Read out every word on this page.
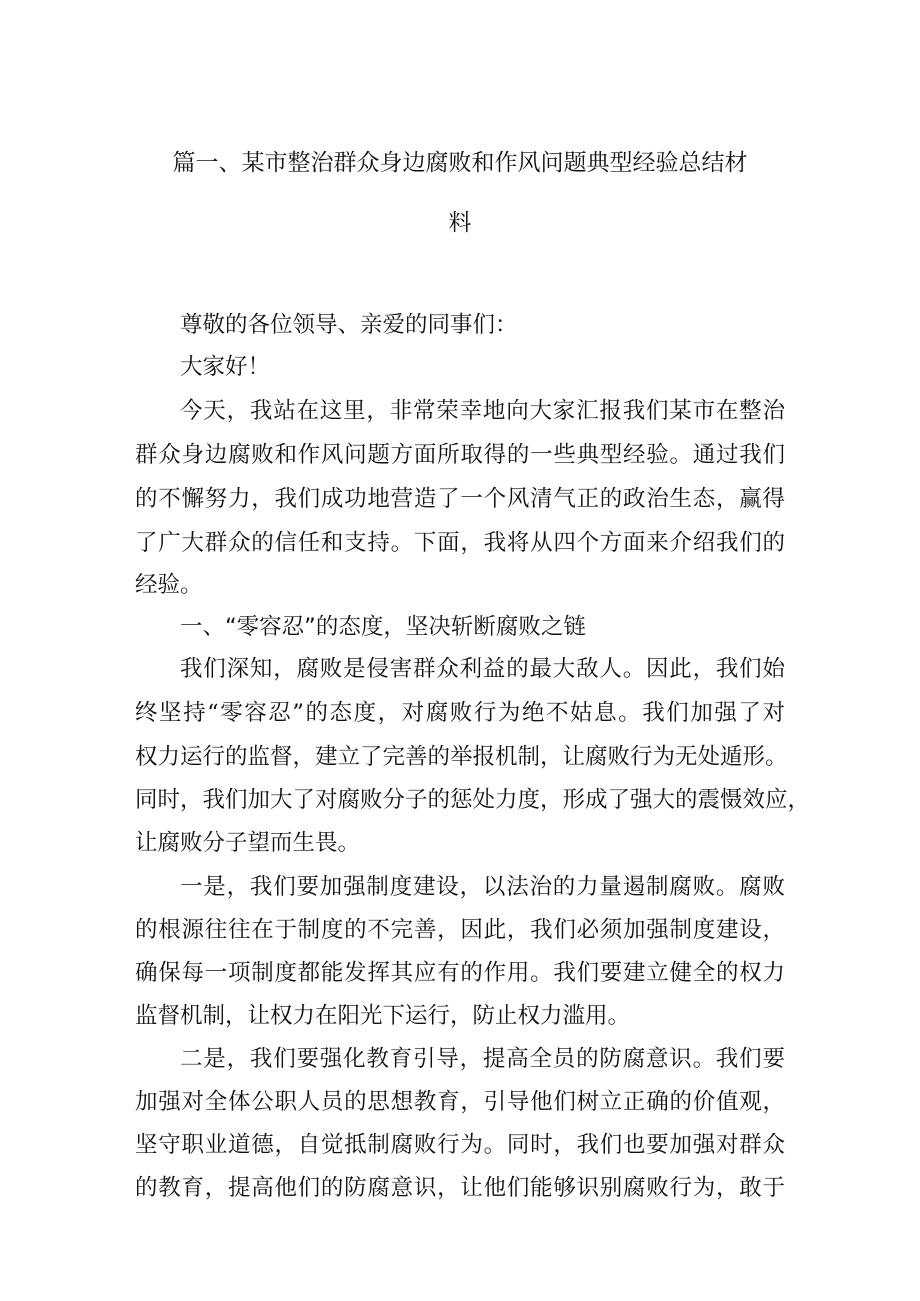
篇一、某市整治群众身边腐败和作风问题典型经验总结材
料

尊敬的各位领导、亲爱的同事们：

大家好！

今天，我站在这里，非常荣幸地向大家汇报我们某市在整治

群众身边腐败和作风问题方面所取得的一些典型经验。通过我们

的不懈努力，我们成功地营造了一个风清气正的政治生态，赢得

了广大群众的信任和支持。下面，我将从四个方面来介绍我们的

经验。

一、“零容忍”的态度，坚决斩断腐败之链

我们深知，腐败是侵害群众利益的最大敌人。因此，我们始

终坚持“零容忍”的态度，对腐败行为绝不姑息。我们加强了对

权力运行的监督，建立了完善的举报机制，让腐败行为无处遁形。

同时，我们加大了对腐败分子的惩处力度，形成了强大的震慑效应，

让腐败分子望而生畏。

一是，我们要加强制度建设，以法治的力量遏制腐败。腐败

的根源往往在于制度的不完善，因此，我们必须加强制度建设，

确保每一项制度都能发挥其应有的作用。我们要建立健全的权力

监督机制，让权力在阳光下运行，防止权力滥用。

二是，我们要强化教育引导，提高全员的防腐意识。我们要

加强对全体公职人员的思想教育，引导他们树立正确的价值观，

坚守职业道德，自觉抵制腐败行为。同时，我们也要加强对群众

的教育，提高他们的防腐意识，让他们能够识别腐败行为，敢于
